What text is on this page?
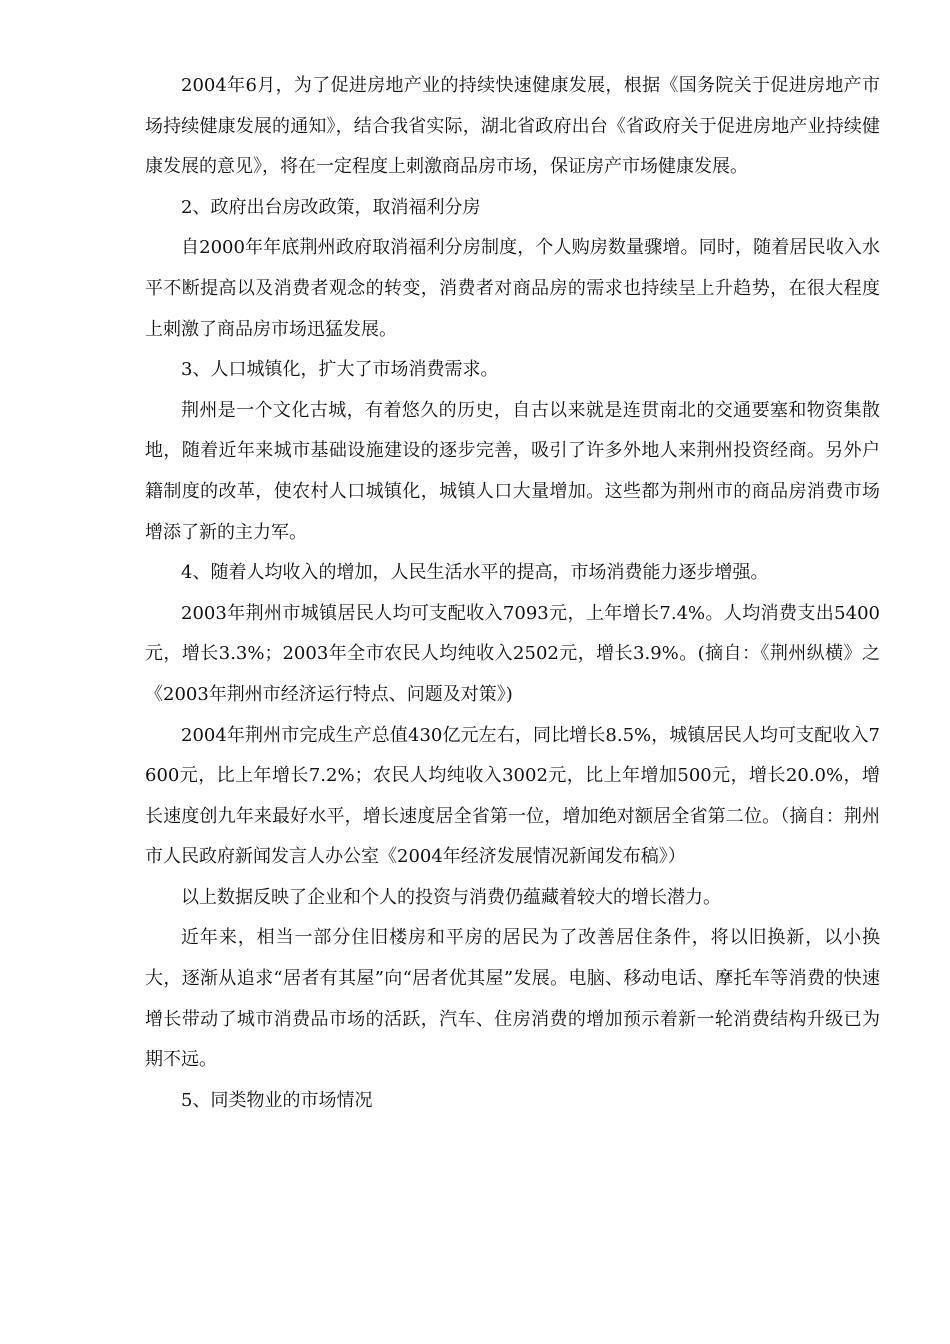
2004年6月，为了促进房地产业的持续快速健康发展，根据《国务院关于促进房地产市场持续健康发展的通知》，结合我省实际，湖北省政府出台《省政府关于促进房地产业持续健康发展的意见》，将在一定程度上刺激商品房市场，保证房产市场健康发展。

2、政府出台房改政策，取消福利分房

自2000年年底荆州政府取消福利分房制度，个人购房数量骤增。同时，随着居民收入水平不断提高以及消费者观念的转变，消费者对商品房的需求也持续呈上升趋势，在很大程度上刺激了商品房市场迅猛发展。

3、人口城镇化，扩大了市场消费需求。

荆州是一个文化古城，有着悠久的历史，自古以来就是连贯南北的交通要塞和物资集散地，随着近年来城市基础设施建设的逐步完善，吸引了许多外地人来荆州投资经商。另外户籍制度的改革，使农村人口城镇化，城镇人口大量增加。这些都为荆州市的商品房消费市场增添了新的主力军。

4、随着人均收入的增加，人民生活水平的提高，市场消费能力逐步增强。

2003年荆州市城镇居民人均可支配收入7093元，上年增长7.4%。人均消费支出5400元，增长3.3%；2003年全市农民人均纯收入2502元，增长3.9%。(摘自：《荆州纵横》之《2003年荆州市经济运行特点、问题及对策》)

2004年荆州市完成生产总值430亿元左右，同比增长8.5%，城镇居民人均可支配收入7600元，比上年增长7.2%；农民人均纯收入3002元，比上年增加500元，增长20.0%，增长速度创九年来最好水平，增长速度居全省第一位，增加绝对额居全省第二位。（摘自：荆州市人民政府新闻发言人办公室《2004年经济发展情况新闻发布稿》）

以上数据反映了企业和个人的投资与消费仍蕴藏着较大的增长潜力。

近年来，相当一部分住旧楼房和平房的居民为了改善居住条件，将以旧换新，以小换大，逐渐从追求“居者有其屋”向“居者优其屋”发展。电脑、移动电话、摩托车等消费的快速增长带动了城市消费品市场的活跃，汽车、住房消费的增加预示着新一轮消费结构升级已为期不远。

5、同类物业的市场情况
